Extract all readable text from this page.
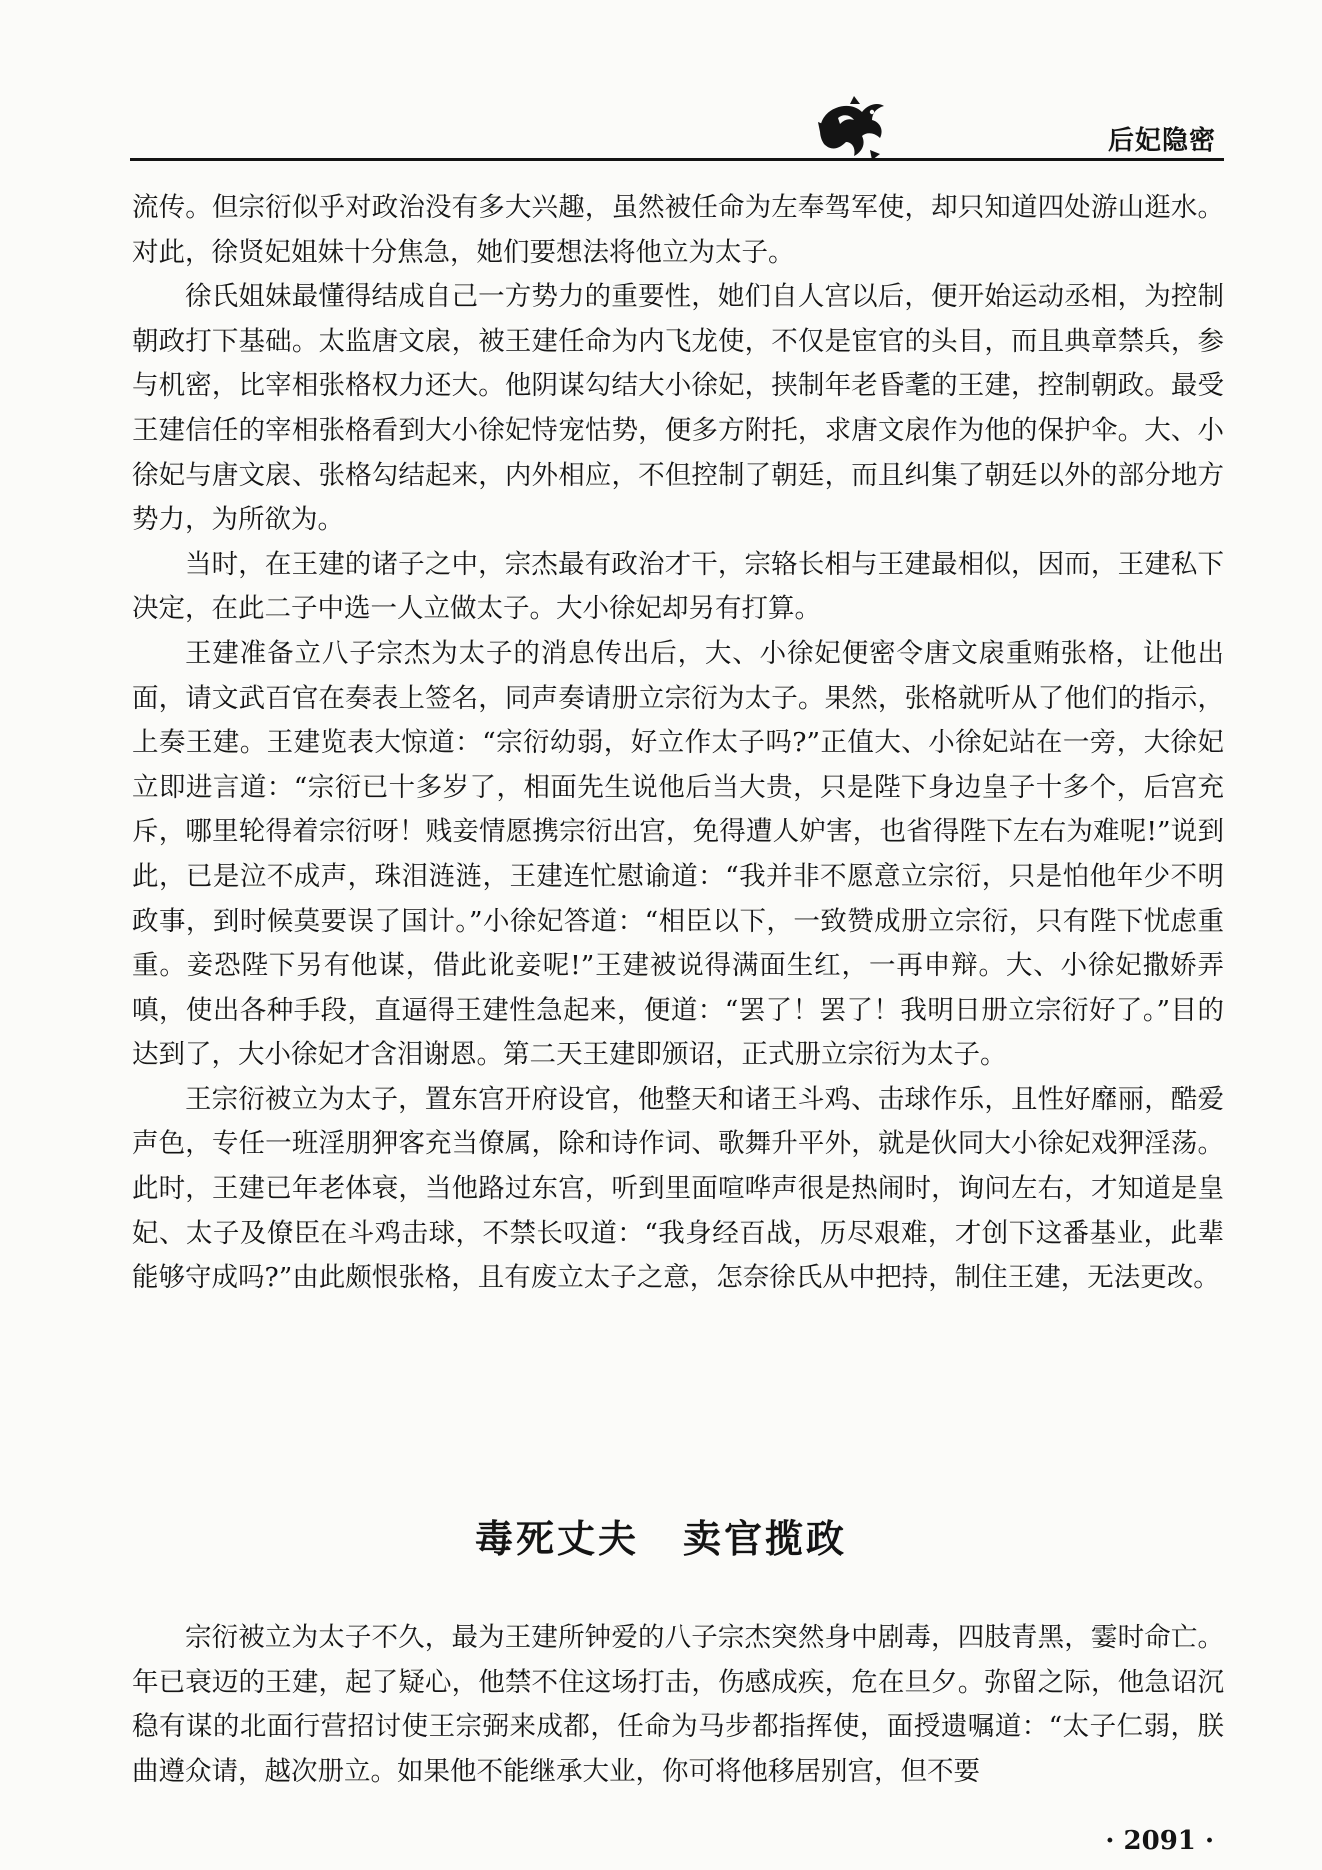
后妃隐密

流传。但宗衍似乎对政治没有多大兴趣，虽然被任命为左奉驾军使，却只知道四处游山逛水。对此，徐贤妃姐妹十分焦急，她们要想法将他立为太子。

徐氏姐妹最懂得结成自己一方势力的重要性，她们自人宫以后，便开始运动丞相，为控制朝政打下基础。太监唐文扆，被王建任命为内飞龙使，不仅是宦官的头目，而且典章禁兵，参与机密，比宰相张格权力还大。他阴谋勾结大小徐妃，挟制年老昏耄的王建，控制朝政。最受王建信任的宰相张格看到大小徐妃恃宠怙势，便多方附托，求唐文扆作为他的保护伞。大、小徐妃与唐文扆、张格勾结起来，内外相应，不但控制了朝廷，而且纠集了朝廷以外的部分地方势力，为所欲为。

当时，在王建的诸子之中，宗杰最有政治才干，宗辂长相与王建最相似，因而，王建私下决定，在此二子中选一人立做太子。大小徐妃却另有打算。

王建准备立八子宗杰为太子的消息传出后，大、小徐妃便密令唐文扆重贿张格，让他出面，请文武百官在奏表上签名，同声奏请册立宗衍为太子。果然，张格就听从了他们的指示，上奏王建。王建览表大惊道：“宗衍幼弱，好立作太子吗?”正值大、小徐妃站在一旁，大徐妃立即进言道：“宗衍已十多岁了，相面先生说他后当大贵，只是陛下身边皇子十多个，后宫充斥，哪里轮得着宗衍呀！贱妾情愿携宗衍出宫，免得遭人妒害，也省得陛下左右为难呢!”说到此，已是泣不成声，珠泪涟涟，王建连忙慰谕道：“我并非不愿意立宗衍，只是怕他年少不明政事，到时候莫要误了国计。”小徐妃答道：“相臣以下，一致赞成册立宗衍，只有陛下忧虑重重。妾恐陛下另有他谋，借此讹妾呢!”王建被说得满面生红，一再申辩。大、小徐妃撒娇弄嗔，使出各种手段，直逼得王建性急起来，便道：“罢了！罢了！我明日册立宗衍好了。”目的达到了，大小徐妃才含泪谢恩。第二天王建即颁诏，正式册立宗衍为太子。

王宗衍被立为太子，置东宫开府设官，他整天和诸王斗鸡、击球作乐，且性好靡丽，酷爱声色，专任一班淫朋狎客充当僚属，除和诗作词、歌舞升平外，就是伙同大小徐妃戏狎淫荡。此时，王建已年老体衰，当他路过东宫，听到里面喧哗声很是热闹时，询问左右，才知道是皇妃、太子及僚臣在斗鸡击球，不禁长叹道：“我身经百战，历尽艰难，才创下这番基业，此辈能够守成吗?”由此颇恨张格，且有废立太子之意，怎奈徐氏从中把持，制住王建，无法更改。

毒死丈夫 卖官揽政

宗衍被立为太子不久，最为王建所钟爱的八子宗杰突然身中剧毒，四肢青黑，霎时命亡。年已衰迈的王建，起了疑心，他禁不住这场打击，伤感成疾，危在旦夕。弥留之际，他急诏沉稳有谋的北面行营招讨使王宗弼来成都，任命为马步都指挥使，面授遗嘱道：“太子仁弱，朕曲遵众请，越次册立。如果他不能继承大业，你可将他移居别宫，但不要

· 2091 ·
